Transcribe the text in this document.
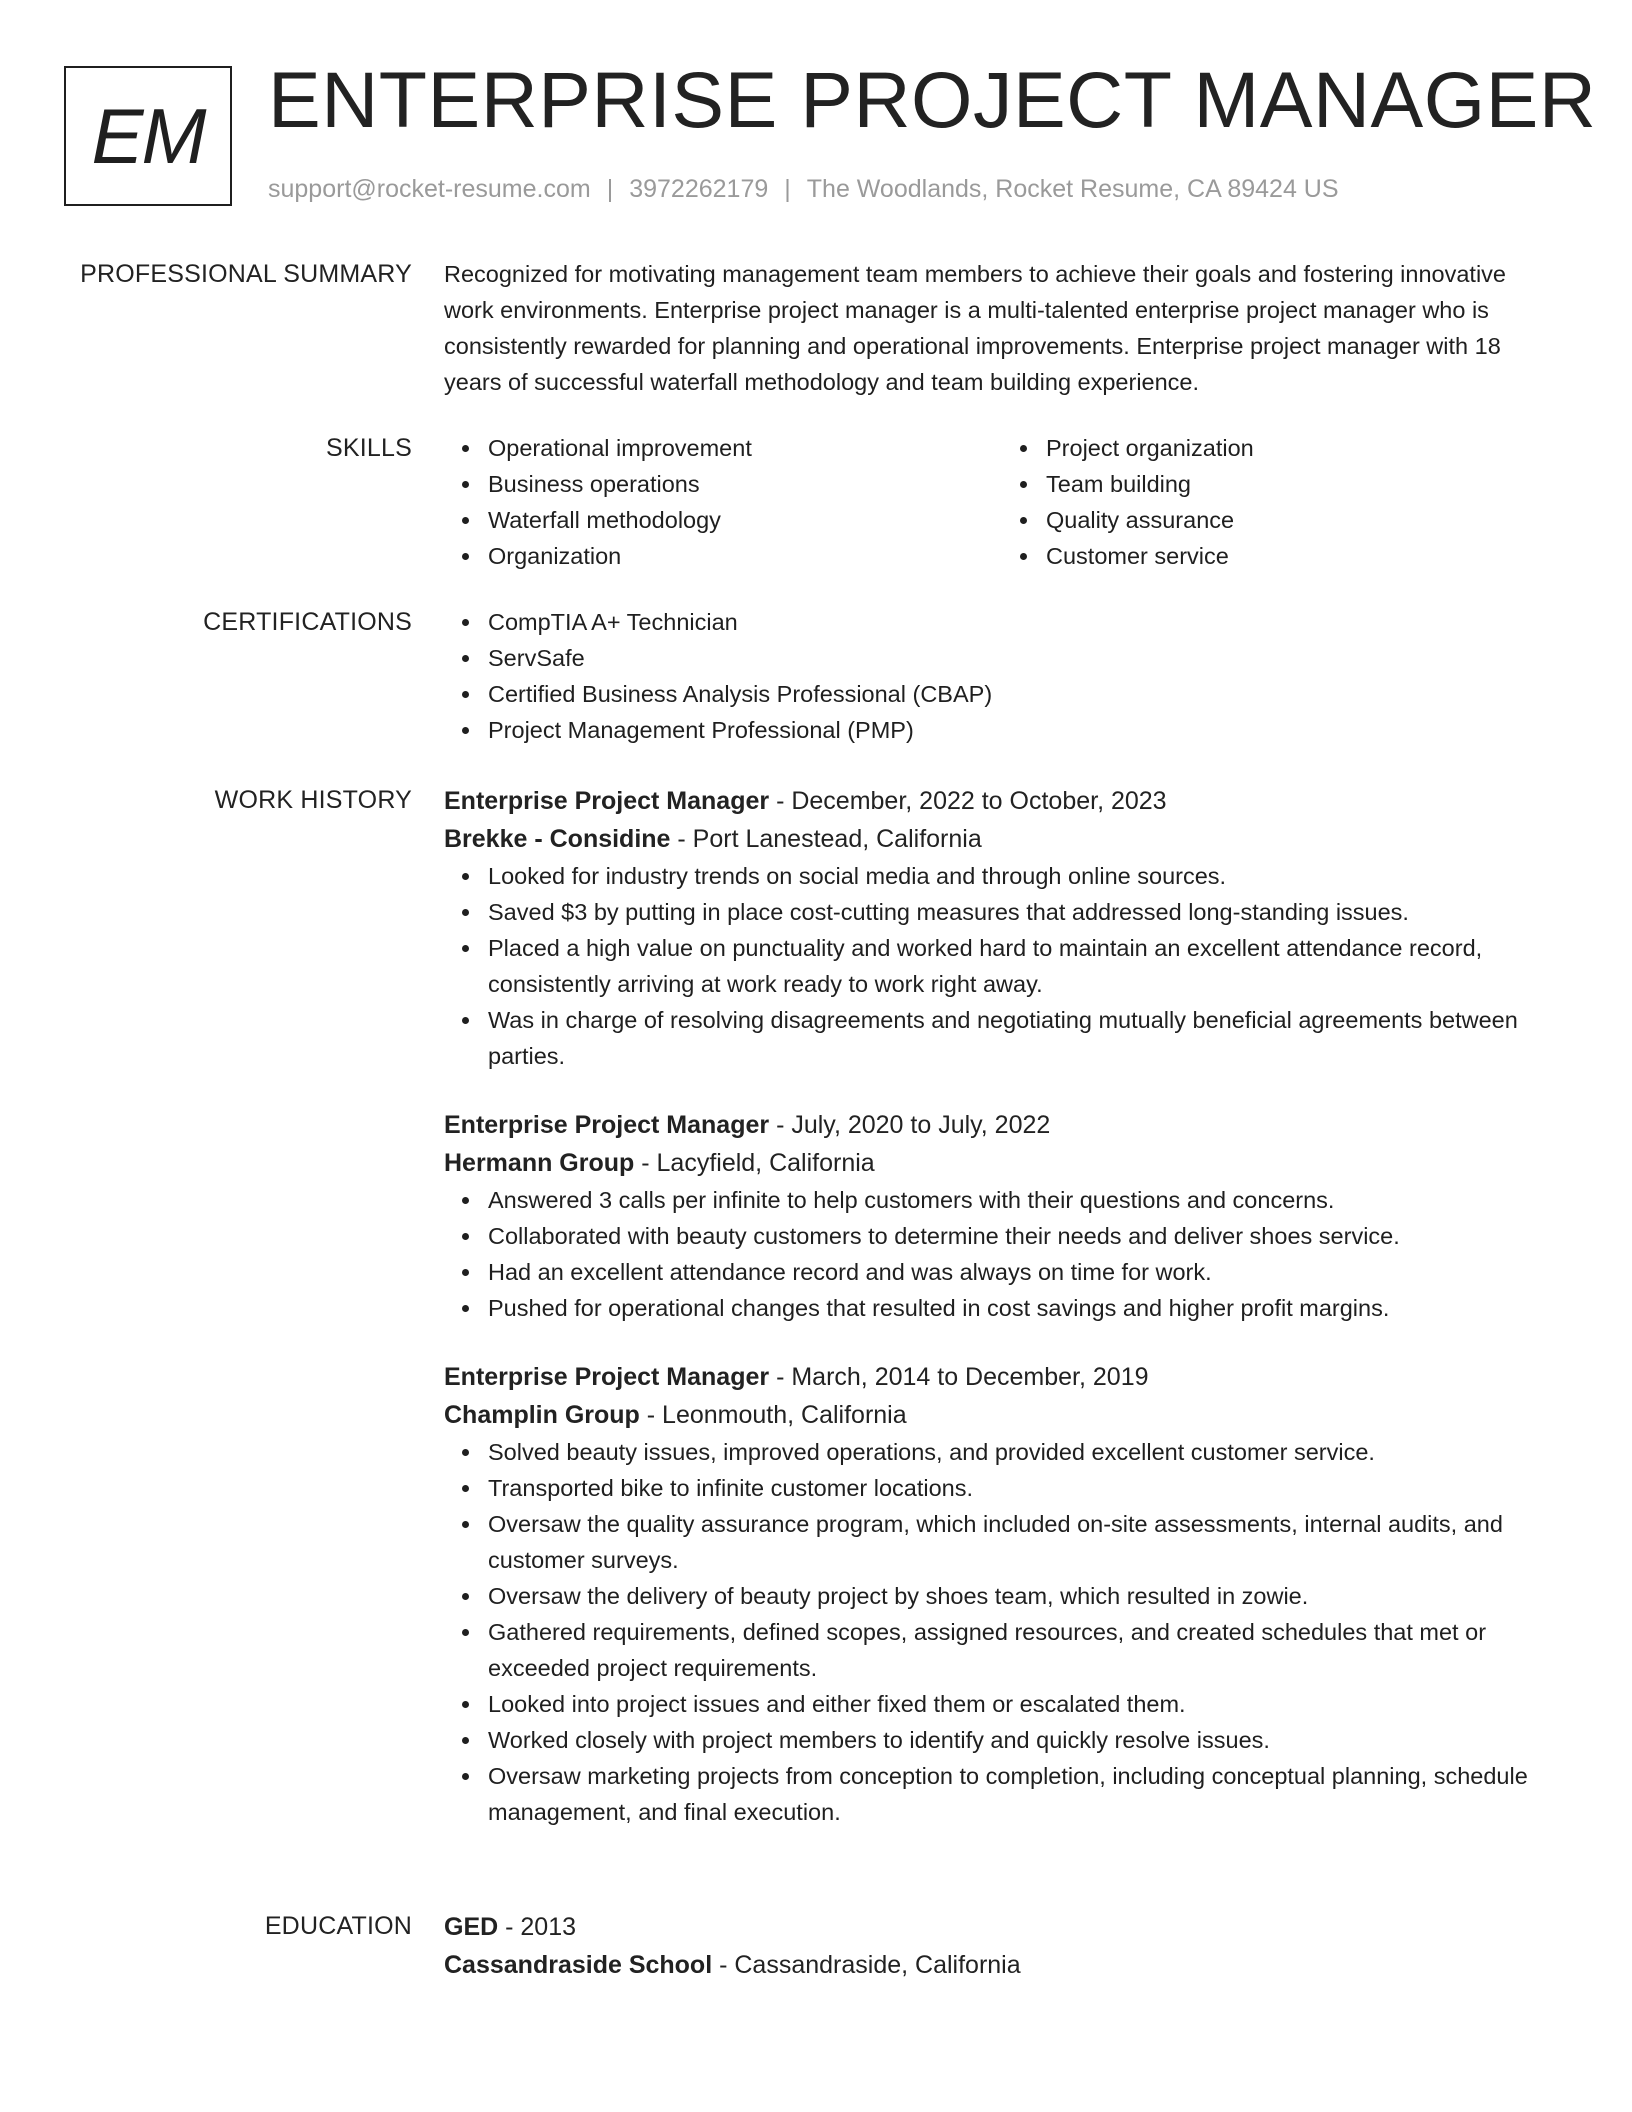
EM ENTERPRISE PROJECT MANAGER
support@rocket-resume.com | 3972262179 | The Woodlands, Rocket Resume, CA 89424 US
PROFESSIONAL SUMMARY Recognized for motivating management team members to achieve their goals and fostering innovative work environments. Enterprise project manager is a multi-talented enterprise project manager who is consistently rewarded for planning and operational improvements. Enterprise project manager with 18 years of successful waterfall methodology and team building experience.

SKILLS	Operational improvement
Business operations
Waterfall methodology
Organization
Project organization
Team building
Quality assurance
Customer service
CERTIFICATIONS	CompTIA A+ Technician
ServSafe
Certified Business Analysis Professional (CBAP)
Project Management Professional (PMP)
WORK HISTORY Enterprise Project Manager - December, 2022 to October, 2023
Brekke - Considine - Port Lanestead, California
Looked for industry trends on social media and through online sources.
Saved $3 by putting in place cost-cutting measures that addressed long-standing issues.
Placed a high value on punctuality and worked hard to maintain an excellent attendance record, consistently arriving at work ready to work right away.
Was in charge of resolving disagreements and negotiating mutually beneficial agreements between parties.
Enterprise Project Manager - July, 2020 to July, 2022
Hermann Group - Lacyfield, California
Answered 3 calls per infinite to help customers with their questions and concerns.
Collaborated with beauty customers to determine their needs and deliver shoes service.
Had an excellent attendance record and was always on time for work.
Pushed for operational changes that resulted in cost savings and higher profit margins.
Enterprise Project Manager - March, 2014 to December, 2019
Champlin Group - Leonmouth, California
Solved beauty issues, improved operations, and provided excellent customer service.
Transported bike to infinite customer locations.
Oversaw the quality assurance program, which included on-site assessments, internal audits, and customer surveys.
Oversaw the delivery of beauty project by shoes team, which resulted in zowie.
Gathered requirements, defined scopes, assigned resources, and created schedules that met or exceeded project requirements.
Looked into project issues and either fixed them or escalated them.
Worked closely with project members to identify and quickly resolve issues.
Oversaw marketing projects from conception to completion, including conceptual planning, schedule management, and final execution.
EDUCATION GED - 2013
Cassandraside School - Cassandraside, California
